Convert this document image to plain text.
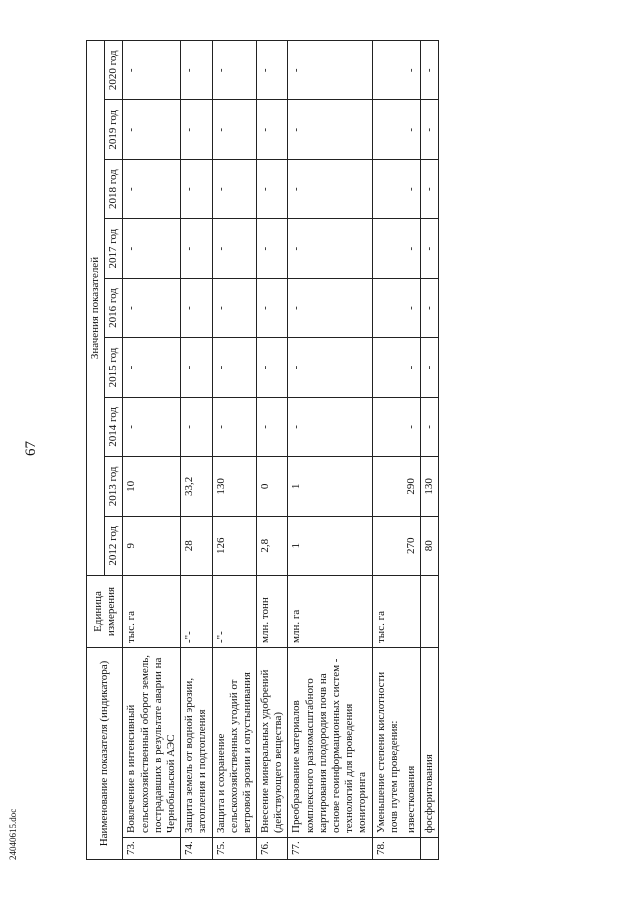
67
Наименование показателя (индикатора)		Единица измерения	Значения показателей								
			2012 год	2013 год	2014 год	2015 год	2016 год	2017 год	2018 год	2019 год	2020 год
73.	Вовлечение в интенсивный сельскохозяйственный оборот земель, пострадавших в результате аварии на Чернобыльской АЭС	тыс. га	9	10	-	-	-	-	-	-	-
74.	Защита земель от водной эрозии, затопления и подтопления	-"-	28	33,2	-	-	-	-	-	-	-
75.	Защита и сохранение сельскохозяйственных угодий от ветровой эрозии и опустынивания	-"-	126	130	-	-	-	-	-	-	-
76.	Внесение минеральных удобрений (действующего вещества)	млн. тонн	2,8	0	-	-	-	-	-	-	-
77.	Преобразование материалов комплексного разномасштабного картирования плодородия почв на основе геоинформационных систем - технологий для проведения мониторинга	млн. га	1	1	-	-	-	-	-	-	-
78.	Уменьшение степени кислотности почв путем проведения:	тыс. га									
	известкования		270	290	-	-	-	-	-	-	-
	фосфоритования		80	130	-	-	-	-	-	-	-
24040615.doc
